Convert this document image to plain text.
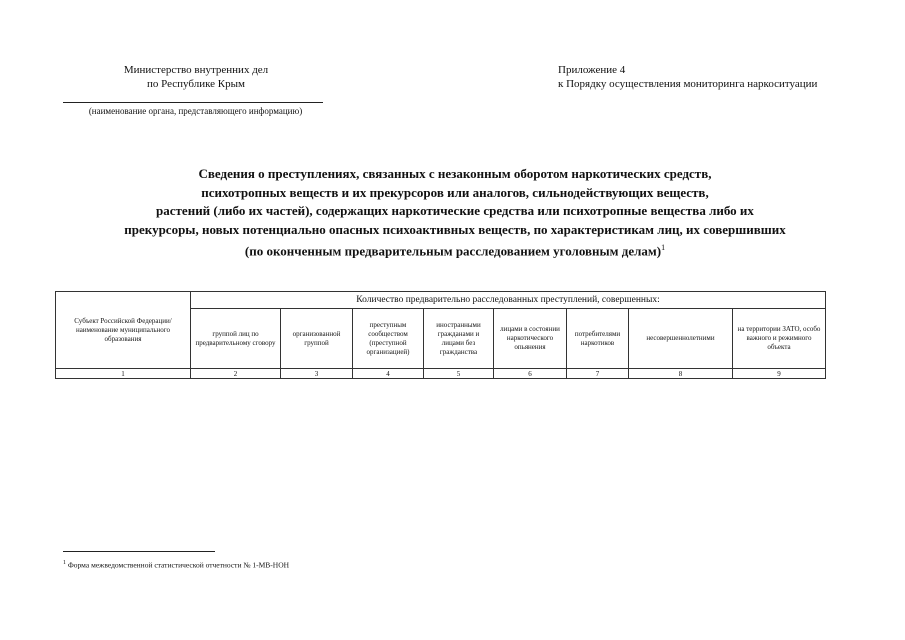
Министерство внутренних дел
по Республике Крым
(наименование органа, представляющего информацию)
Приложение 4
к Порядку осуществления мониторинга наркоситуации
Сведения о преступлениях, связанных с незаконным оборотом наркотических средств,
психотропных веществ и их прекурсоров или аналогов, сильнодействующих веществ,
растений (либо их частей), содержащих наркотические средства или психотропные вещества либо их
прекурсоры, новых потенциально опасных психоактивных веществ, по характеристикам лиц, их совершивших
(по оконченным предварительным расследованием уголовным делам)$^1$
Субъект Российской Федерации/ наименование муниципального образования	Количество предварительно расследованных преступлений, совершенных:							
	группой лиц по предварительному сговору	организованной группой	преступным сообществом (преступной организацией)	иностранными гражданами и лицами без гражданства	лицами в состоянии наркотического опьянения	потребителями наркотиков	несовершеннолетними	на территории ЗАТО, особо важного и режимного объекта
1	2	3	4	5	6	7	8	9
$^1$ Форма межведомственной статистической отчетности № 1-МВ-НОН
